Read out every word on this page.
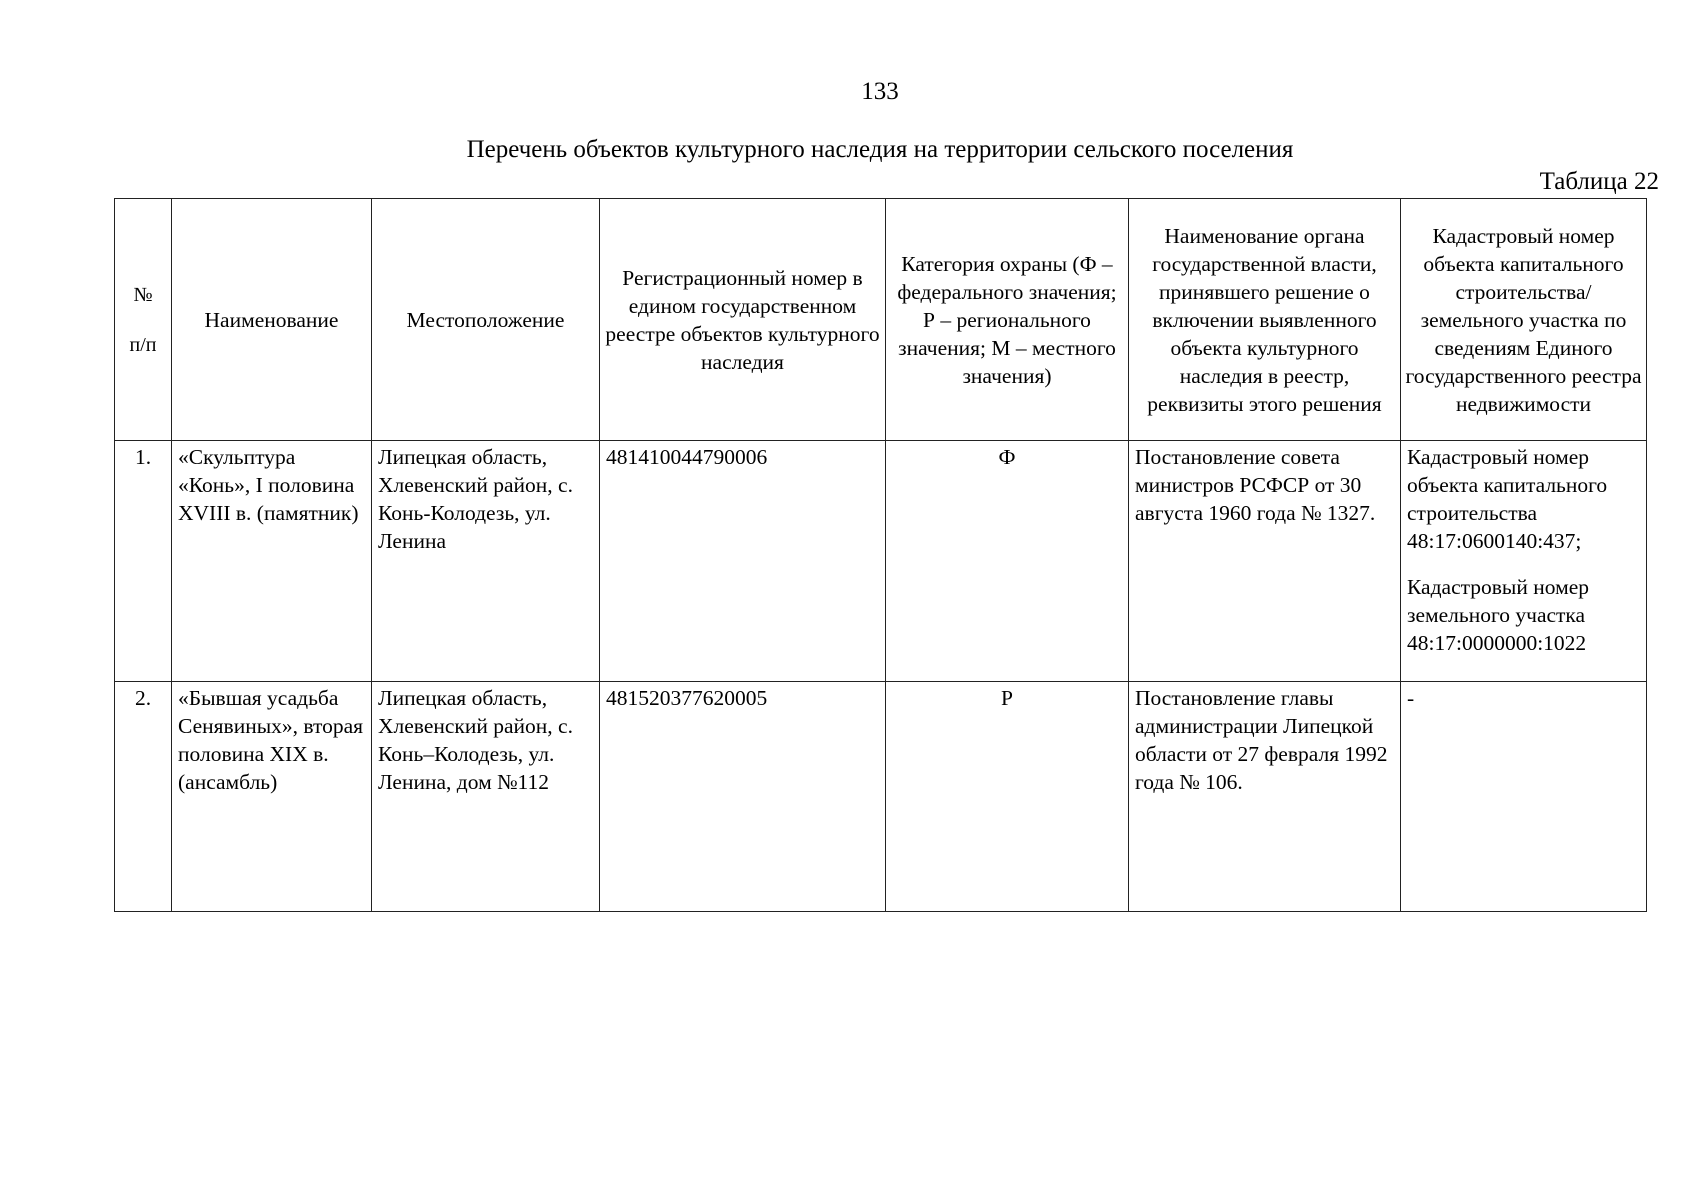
133
Перечень объектов культурного наследия на территории сельского поселения
Таблица 22
№
п/п	Наименование	Местоположение	Регистрационный номер в едином государственном реестре объектов культурного наследия	Категория охраны (Ф – федерального значения; Р – регионального значения; М – местного значения)	Наименование органа государственной власти, принявшего решение о включении выявленного объекта культурного наследия в реестр, реквизиты этого решения	Кадастровый номер объекта капитального строительства/земельного участка по сведениям Единого государственного реестра недвижимости
1.	«Скульптура «Конь», I половина XVIII в. (памятник)	Липецкая область, Хлевенский район, с. Конь-Колодезь, ул. Ленина	481410044790006	Ф	Постановление совета министров РСФСР от 30 августа 1960 года № 1327.	Кадастровый номер объекта капитального строительства 48:17:0600140:437;
Кадастровый номер земельного участка 48:17:0000000:1022

2.	«Бывшая усадьба Сенявиных», вторая половина XIX в. (ансамбль)	Липецкая область, Хлевенский район, с. Конь–Колодезь, ул. Ленина, дом №112	481520377620005	Р	Постановление главы администрации Липецкой области от 27 февраля 1992 года № 106.	-
